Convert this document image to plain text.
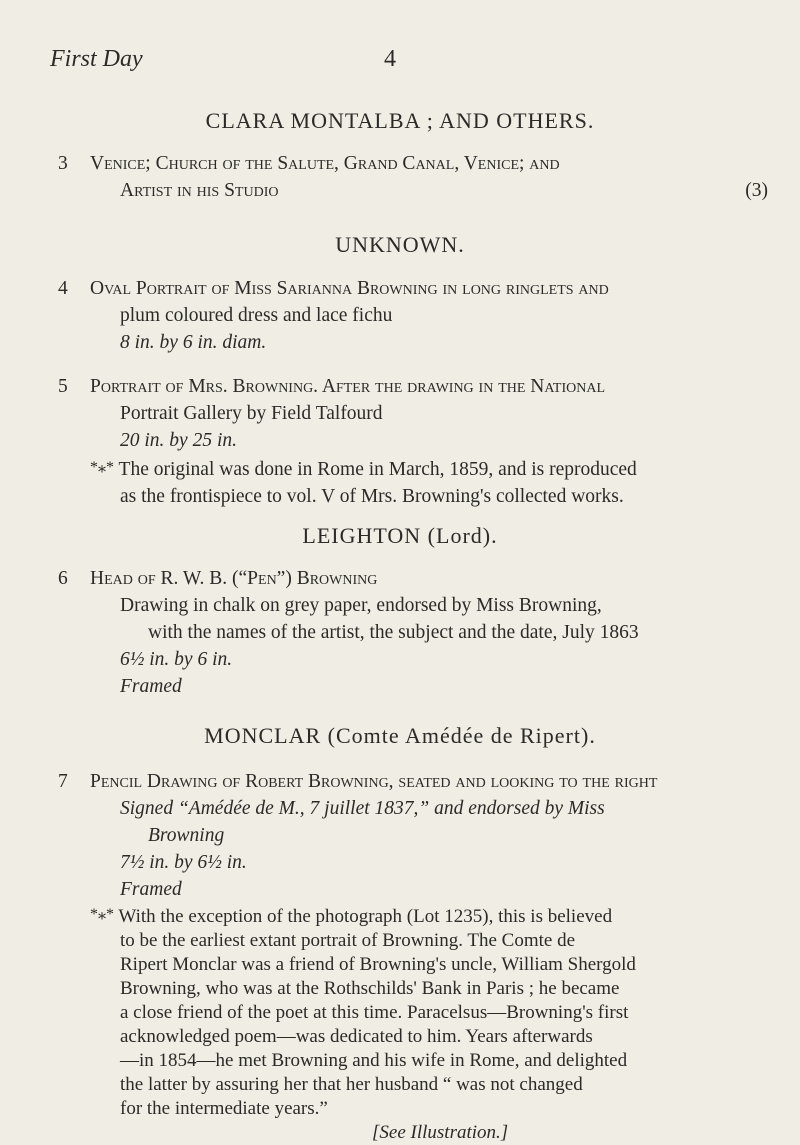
First Day	4
CLARA MONTALBA ; AND OTHERS.
3	Venice; Church of the Salute, Grand Canal, Venice; and
Artist in his Studio	(3)
UNKNOWN.
4	Oval Portrait of Miss Sarianna Browning in long ringlets and
plum coloured dress and lace fichu
8 in. by 6 in. diam.
5	Portrait of Mrs. Browning. After the drawing in the National
Portrait Gallery by Field Talfourd
20 in. by 25 in.
*⁎* The original was done in Rome in March, 1859, and is reproduced
as the frontispiece to vol. V of Mrs. Browning's collected works.
LEIGHTON (Lord).
6	Head of R. W. B. (“Pen”) Browning
Drawing in chalk on grey paper, endorsed by Miss Browning,
with the names of the artist, the subject and the date, July 1863
6½ in. by 6 in.
Framed
MONCLAR (Comte Amédée de Ripert).
7	Pencil Drawing of Robert Browning, seated and looking to the right
Signed “Amédée de M., 7 juillet 1837,” and endorsed by Miss
Browning
7½ in. by 6½ in.
Framed
*⁎* With the exception of the photograph (Lot 1235), this is believed
to be the earliest extant portrait of Browning. The Comte de
Ripert Monclar was a friend of Browning's uncle, William Shergold
Browning, who was at the Rothschilds' Bank in Paris ; he became
a close friend of the poet at this time. Paracelsus—Browning's first
acknowledged poem—was dedicated to him. Years afterwards
—in 1854—he met Browning and his wife in Rome, and delighted
the latter by assuring her that her husband “ was not changed
for the intermediate years.”
[See Illustration.]
